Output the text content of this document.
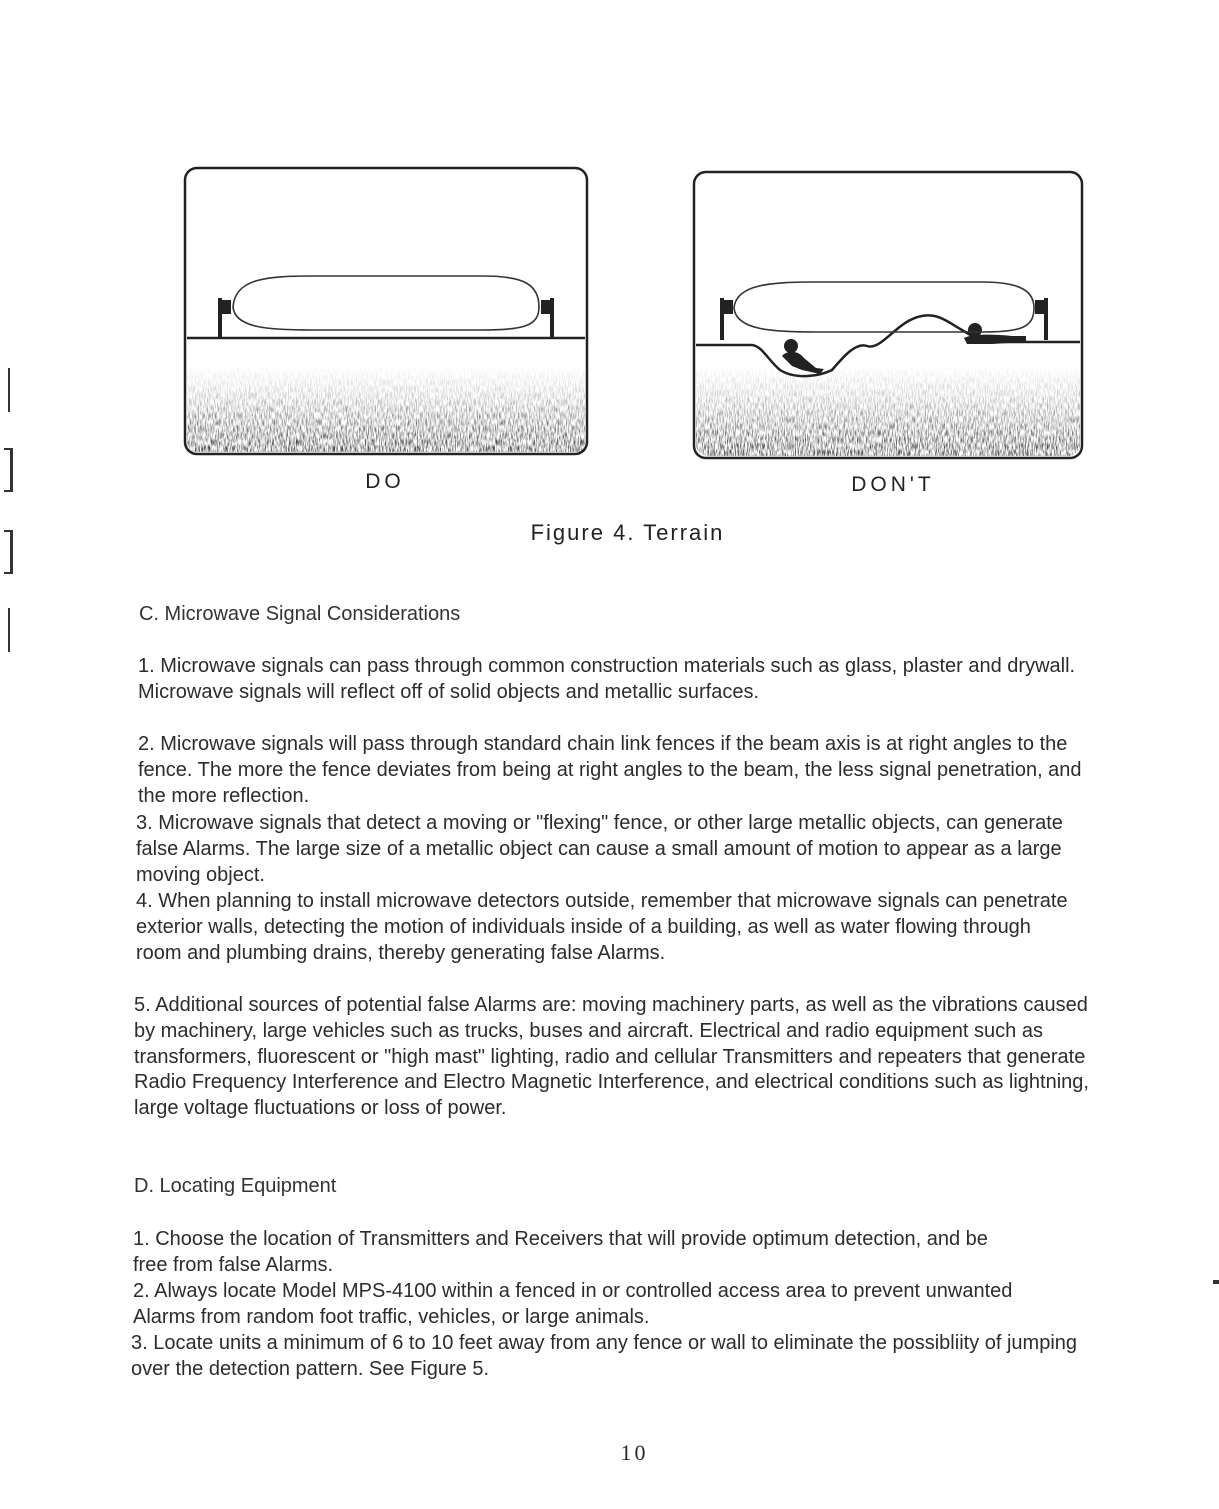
DO	DON'T
Figure 4. Terrain
C. Microwave Signal Considerations

1. Microwave signals can pass through common construction materials such as glass, plaster and drywall. Microwave signals will reflect off of solid objects and metallic surfaces.

2. Microwave signals will pass through standard chain link fences if the beam axis is at right angles to the fence. The more the fence deviates from being at right angles to the beam, the less signal penetration, and the more reflection.

3. Microwave signals that detect a moving or "flexing" fence, or other large metallic objects, can generate false Alarms. The large size of a metallic object can cause a small amount of motion to appear as a large moving object.

4. When planning to install microwave detectors outside, remember that microwave signals can penetrate exterior walls, detecting the motion of individuals inside of a building, as well as water flowing through room and plumbing drains, thereby generating false Alarms.

5. Additional sources of potential false Alarms are: moving machinery parts, as well as the vibrations caused by machinery, large vehicles such as trucks, buses and aircraft. Electrical and radio equipment such as transformers, fluorescent or "high mast" lighting, radio and cellular Transmitters and repeaters that generate Radio Frequency Interference and Electro Magnetic Interference, and electrical conditions such as lightning, large voltage fluctuations or loss of power.

D. Locating Equipment

1. Choose the location of Transmitters and Receivers that will provide optimum detection, and be free from false Alarms.

2. Always locate Model MPS-4100 within a fenced in or controlled access area to prevent unwanted Alarms from random foot traffic, vehicles, or large animals.

3. Locate units a minimum of 6 to 10 feet away from any fence or wall to eliminate the possibliity of jumping over the detection pattern. See Figure 5.

10
